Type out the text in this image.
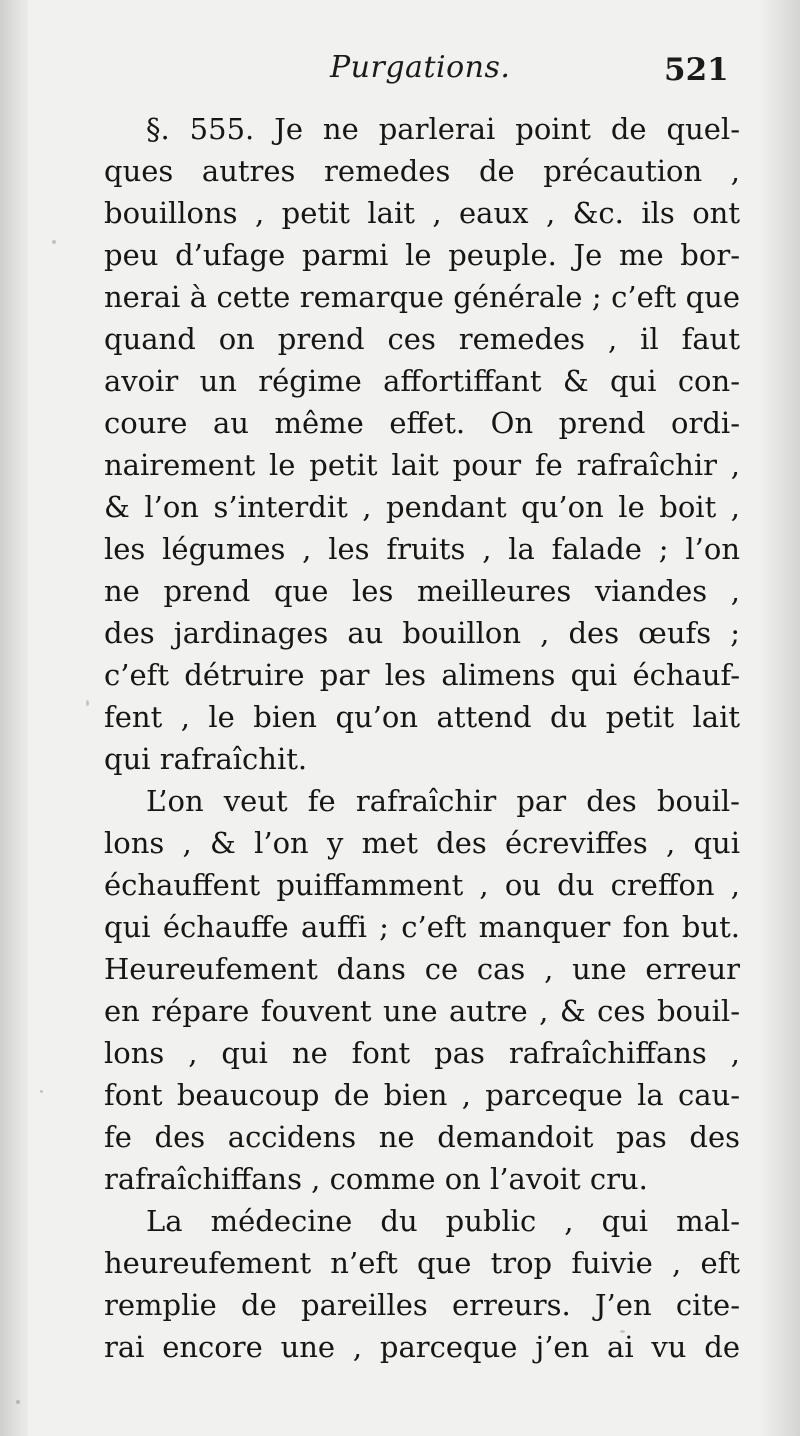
Purgations.	521
§. 555. Je ne parlerai point de quel-
ques autres remedes de précaution ,
bouillons , petit lait , eaux , &c. ils ont
peu d’ufage parmi le peuple. Je me bor-
nerai à cette remarque générale ; c’eft que
quand on prend ces remedes , il faut
avoir un régime affortiffant & qui con-
coure au même effet. On prend ordi-
nairement le petit lait pour fe rafraîchir ,
& l’on s’interdit , pendant qu’on le boit ,
les légumes , les fruits , la falade ; l’on
ne prend que les meilleures viandes ,
des jardinages au bouillon , des œufs ;
c’eft détruire par les alimens qui échauf-
fent , le bien qu’on attend du petit lait
qui rafraîchit.
L’on veut fe rafraîchir par des bouil-
lons , & l’on y met des écreviffes , qui
échauffent puiffamment , ou du creffon ,
qui échauffe auffi ; c’eft manquer fon but.
Heureufement dans ce cas , une erreur
en répare fouvent une autre , & ces bouil-
lons , qui ne font pas rafraîchiffans ,
font beaucoup de bien , parceque la cau-
fe des accidens ne demandoit pas des
rafraîchiffans , comme on l’avoit cru.
La médecine du public , qui mal-
heureufement n’eft que trop fuivie , eft
remplie de pareilles erreurs. J’en cite-
rai encore une , parceque j’en ai vu de
